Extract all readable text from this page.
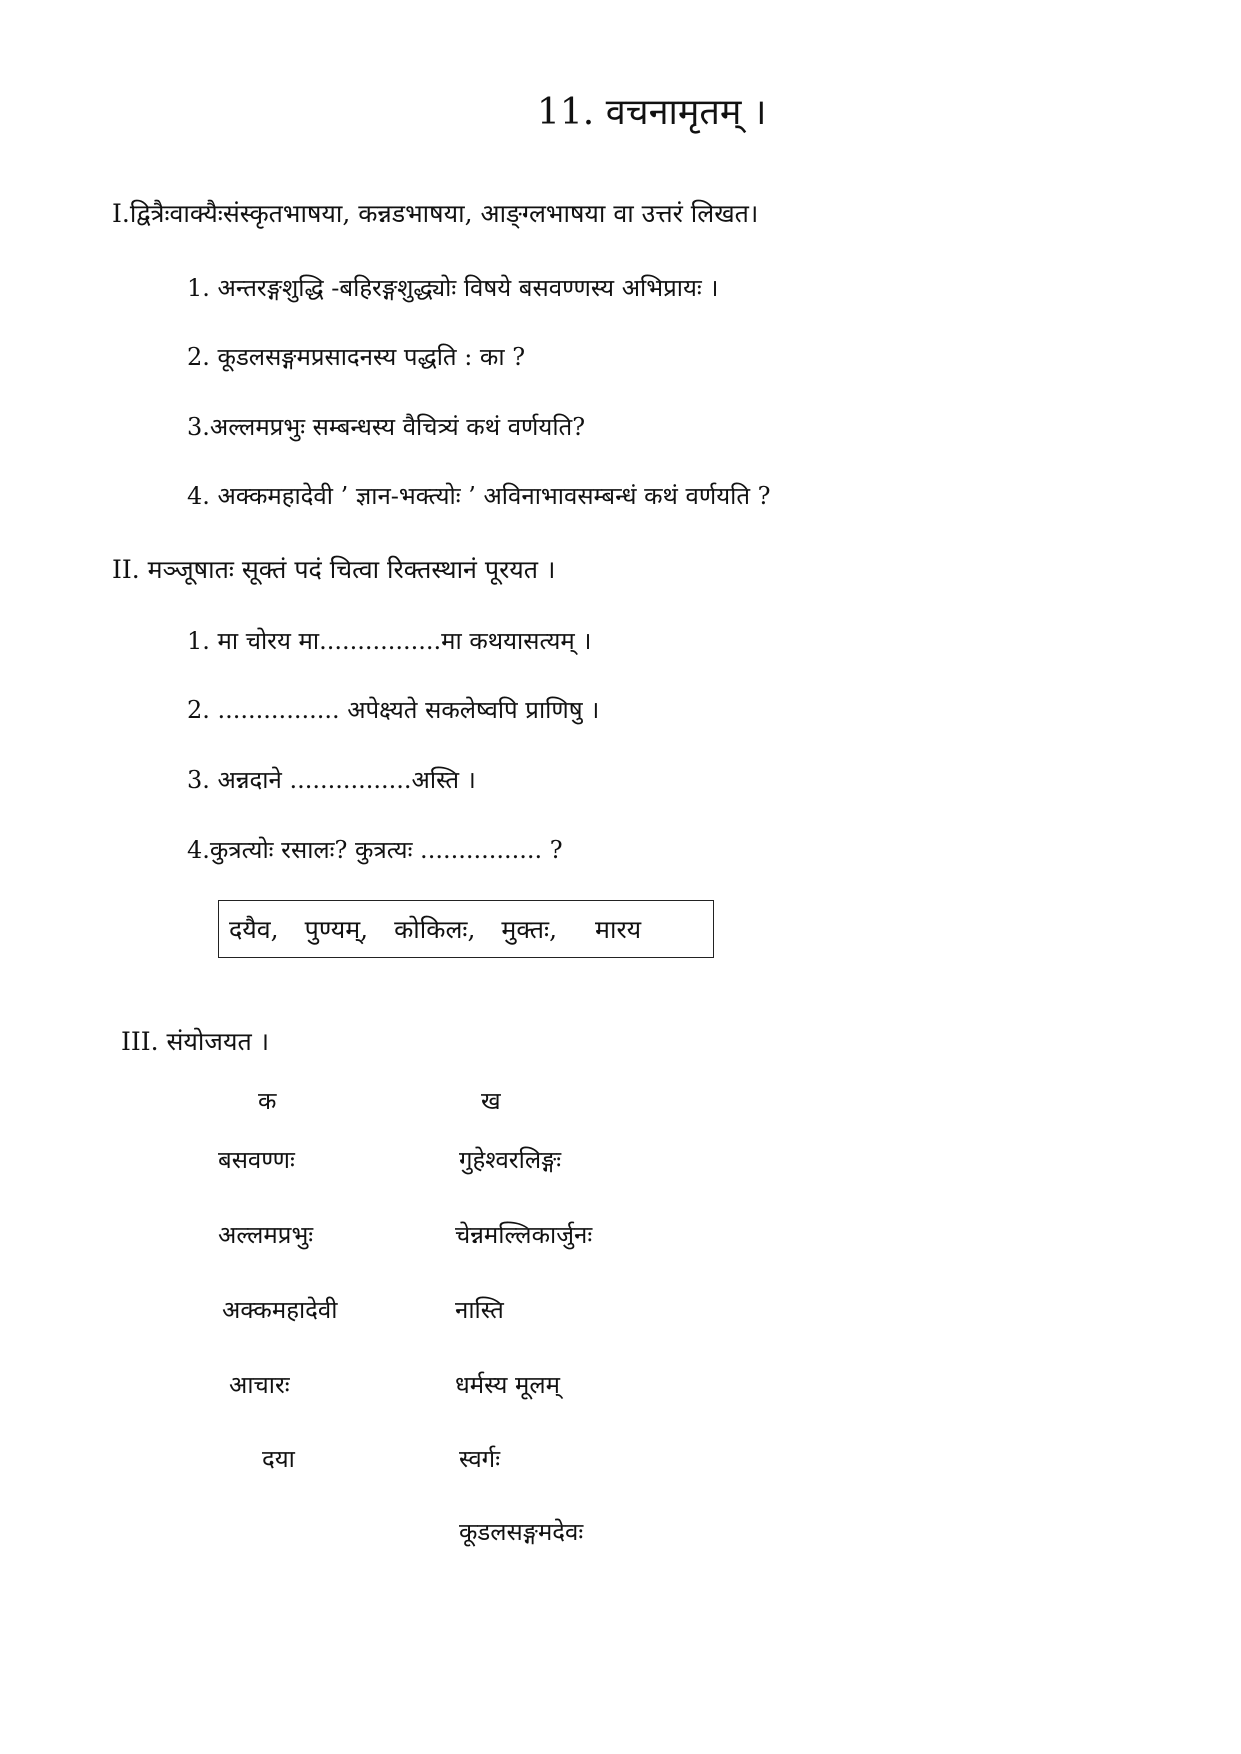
11. वचनामृतम् ।
I.द्वित्रैःवाक्यैःसंस्कृतभाषया, कन्नडभाषया, आङ्ग्लभाषया वा उत्तरं लिखत।
1. अन्तरङ्गशुद्धि -बहिरङ्गशुद्ध्योः विषये बसवण्णस्य अभिप्रायः ।
2. कूडलसङ्गमप्रसादनस्य पद्धति : का ?
3.अल्लमप्रभुः सम्बन्धस्य वैचित्र्यं कथं वर्णयति?
4. अक्कमहादेवी ’ ज्ञान-भक्त्योः ’ अविनाभावसम्बन्धं कथं वर्णयति ?
II. मञ्जूषातः सूक्तं पदं चित्वा रिक्तस्थानं पूरयत ।
1. मा चोरय मा................मा कथयासत्यम् ।
2. ................ अपेक्ष्यते सकलेष्वपि प्राणिषु ।
3. अन्नदाने ................अस्ति ।
4.कुत्रत्योः रसालः? कुत्रत्यः ................ ?
दयैव, पुण्यम्, कोकिलः, मुक्तः, मारय
III. संयोजयत ।
क	ख
बसवण्णः
अल्लमप्रभुः
अक्कमहादेवी
आचारः
दया
गुहेश्वरलिङ्गः
चेन्नमल्लिकार्जुनः
नास्ति
धर्मस्य मूलम्
स्वर्गः
कूडलसङ्गमदेवः
